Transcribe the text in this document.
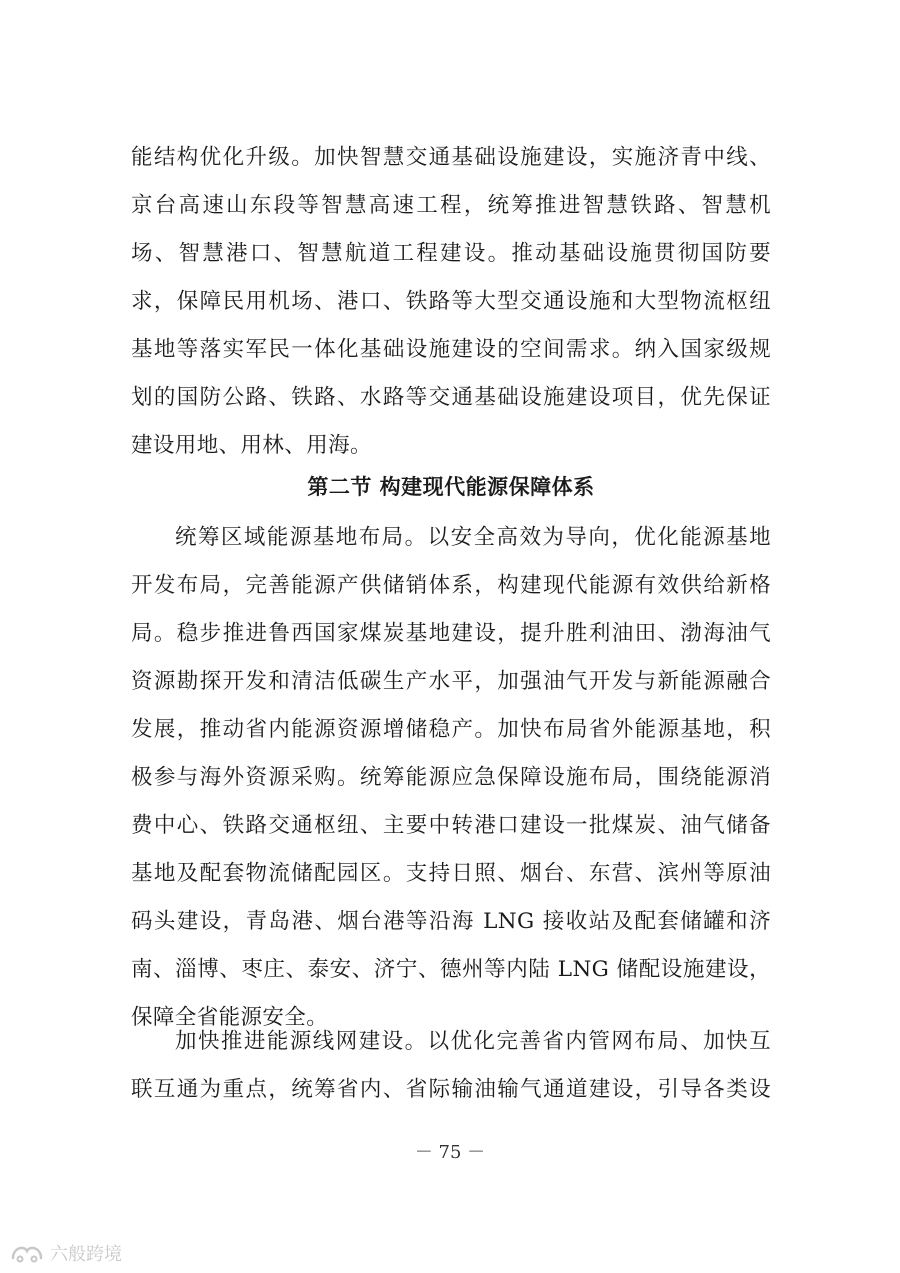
能结构优化升级。加快智慧交通基础设施建设，实施济青中线、
京台高速山东段等智慧高速工程，统筹推进智慧铁路、智慧机
场、智慧港口、智慧航道工程建设。推动基础设施贯彻国防要
求，保障民用机场、港口、铁路等大型交通设施和大型物流枢纽
基地等落实军民一体化基础设施建设的空间需求。纳入国家级规
划的国防公路、铁路、水路等交通基础设施建设项目，优先保证
建设用地、用林、用海。
第二节 构建现代能源保障体系
统筹区域能源基地布局。以安全高效为导向，优化能源基地
开发布局，完善能源产供储销体系，构建现代能源有效供给新格
局。稳步推进鲁西国家煤炭基地建设，提升胜利油田、渤海油气
资源勘探开发和清洁低碳生产水平，加强油气开发与新能源融合
发展，推动省内能源资源增储稳产。加快布局省外能源基地，积
极参与海外资源采购。统筹能源应急保障设施布局，围绕能源消
费中心、铁路交通枢纽、主要中转港口建设一批煤炭、油气储备
基地及配套物流储配园区。支持日照、烟台、东营、滨州等原油
码头建设，青岛港、烟台港等沿海 LNG 接收站及配套储罐和济
南、淄博、枣庄、泰安、济宁、德州等内陆 LNG 储配设施建设，
保障全省能源安全。
加快推进能源线网建设。以优化完善省内管网布局、加快互
联互通为重点，统筹省内、省际输油输气通道建设，引导各类设
－ 75 －
六般跨境
